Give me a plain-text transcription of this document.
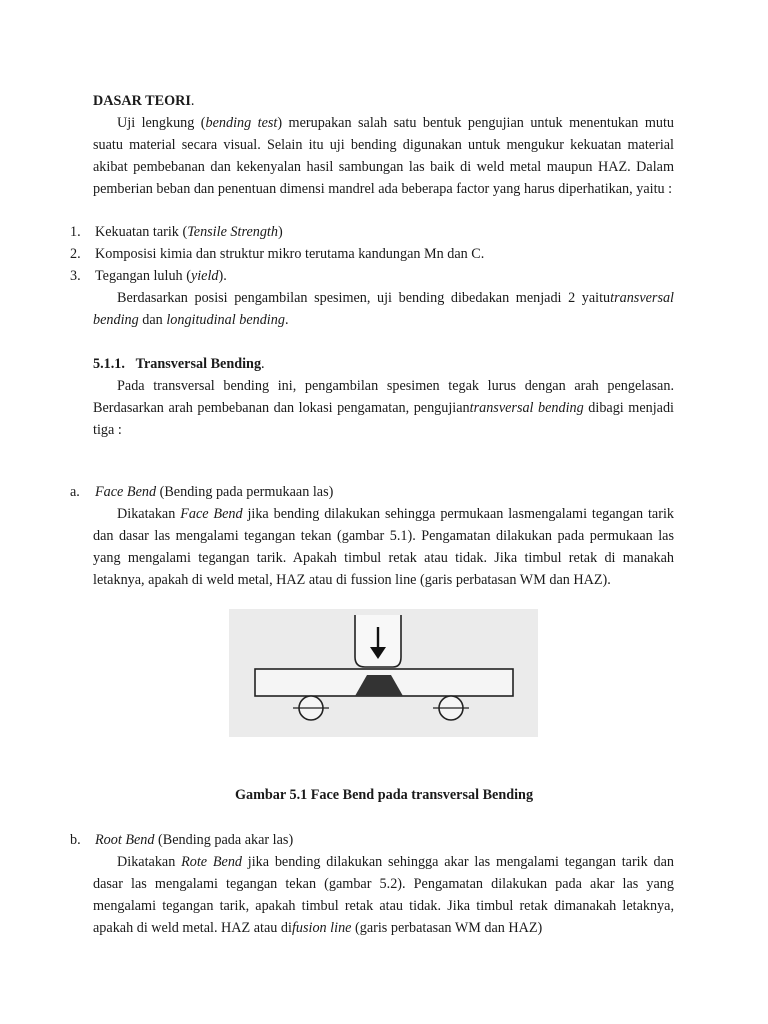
DASAR TEORI.
Uji lengkung (bending test) merupakan salah satu bentuk pengujian untuk menentukan mutu suatu material secara visual. Selain itu uji bending digunakan untuk mengukur kekuatan material akibat pembebanan dan kekenyalan hasil sambungan las baik di weld metal maupun HAZ. Dalam pemberian beban dan penentuan dimensi mandrel ada beberapa factor yang harus diperhatikan, yaitu :
1. Kekuatan tarik (Tensile Strength)
2. Komposisi kimia dan struktur mikro terutama kandungan Mn dan C.
3. Tegangan luluh (yield).
Berdasarkan posisi pengambilan spesimen, uji bending dibedakan menjadi 2 yaitutransversal bending dan longitudinal bending.
5.1.1. Transversal Bending.
Pada transversal bending ini, pengambilan spesimen tegak lurus dengan arah pengelasan. Berdasarkan arah pembebanan dan lokasi pengamatan, pengujiantransversal bending dibagi menjadi tiga :
a. Face Bend (Bending pada permukaan las)
Dikatakan Face Bend jika bending dilakukan sehingga permukaan lasmengalami tegangan tarik dan dasar las mengalami tegangan tekan (gambar 5.1). Pengamatan dilakukan pada permukaan las yang mengalami tegangan tarik. Apakah timbul retak atau tidak. Jika timbul retak di manakah letaknya, apakah di weld metal, HAZ atau di fussion line (garis perbatasan WM dan HAZ).
Gambar 5.1 Face Bend pada transversal Bending
b. Root Bend (Bending pada akar las)
Dikatakan Rote Bend jika bending dilakukan sehingga akar las mengalami tegangan tarik dan dasar las mengalami tegangan tekan (gambar 5.2). Pengamatan dilakukan pada akar las yang mengalami tegangan tarik, apakah timbul retak atau tidak. Jika timbul retak dimanakah letaknya, apakah di weld metal. HAZ atau difusion line (garis perbatasan WM dan HAZ)
